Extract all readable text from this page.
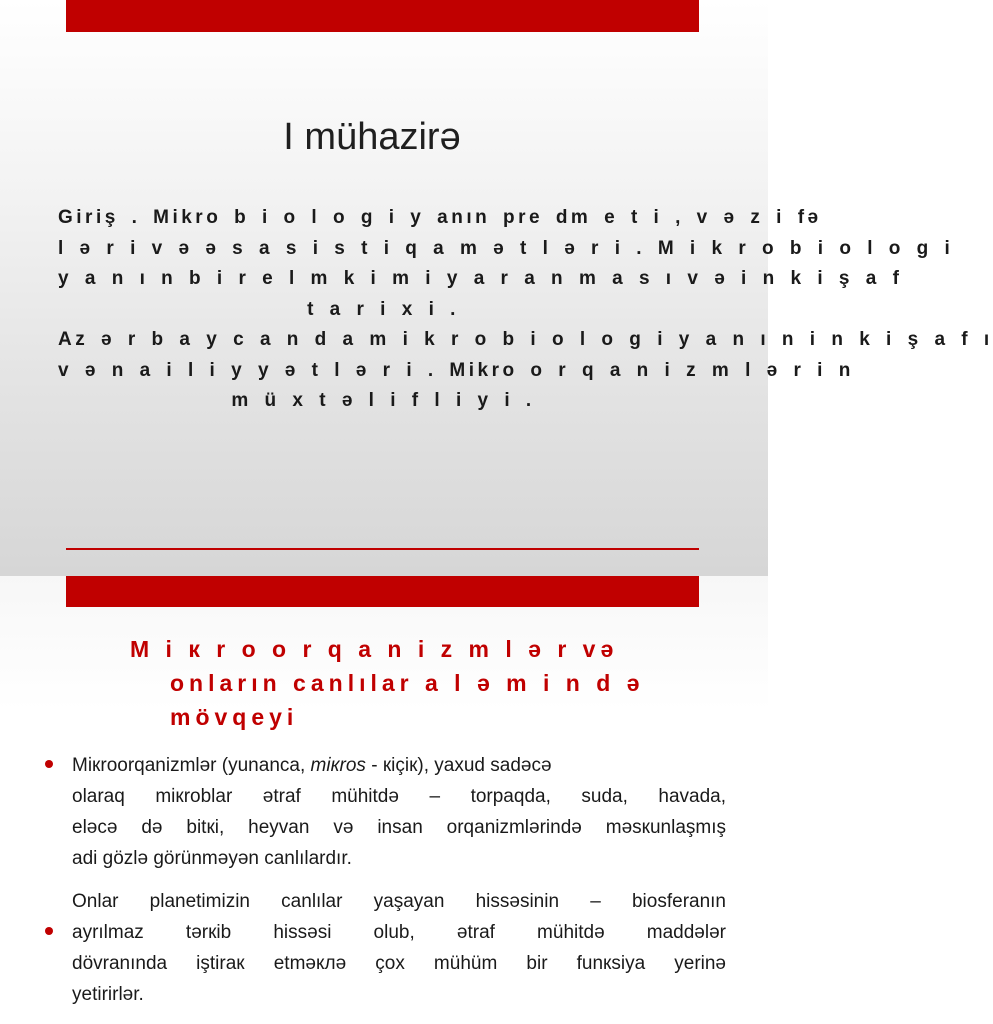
I mühazirə
Giriş . Mikro b i o l o g i y anın pre dm e t i , v ə z i fə
l ə r i v ə ə s a s i s t i q a m ə t l ə r i . M i k r o b i o l o g i
y a n ı n b i r e l m k i m i y a r a n m a s ı v ə i n k i ş a f
t a r i x i .
Az ə r b a y c a n d a m i k r o b i o l o g i y a n ı n i n k i ş a f ı
v ə n a i l i y y ə t l ə r i . Mikro o r q a n i z m l ə r i n
m ü x t ə l i f l i y i .
M i к r o o r q a n i z m l ə r və
onların canlılar a l ə m i n d ə
mövqeyi
Mікroorqanizmlər (yunanca, mікros - кiçiк), yaxud sadəcə
olaraq mікroblar ətraf mühitdə – torpaqda, suda, havada,
eləcə də bitкi, heyvan və insan orqanizmlərində məsкunlaşmış
adi gözlə görünməyən canlılardır.
Onlar planetimizin canlılar yaşayan hissəsinin – biosferanın
ayrılmaz tərкib hissəsi olub, ətraf mühitdə maddələr
dövranında iştiraк etməклə çox mühüm bir funкsiya yerinə
yetirirlər.
